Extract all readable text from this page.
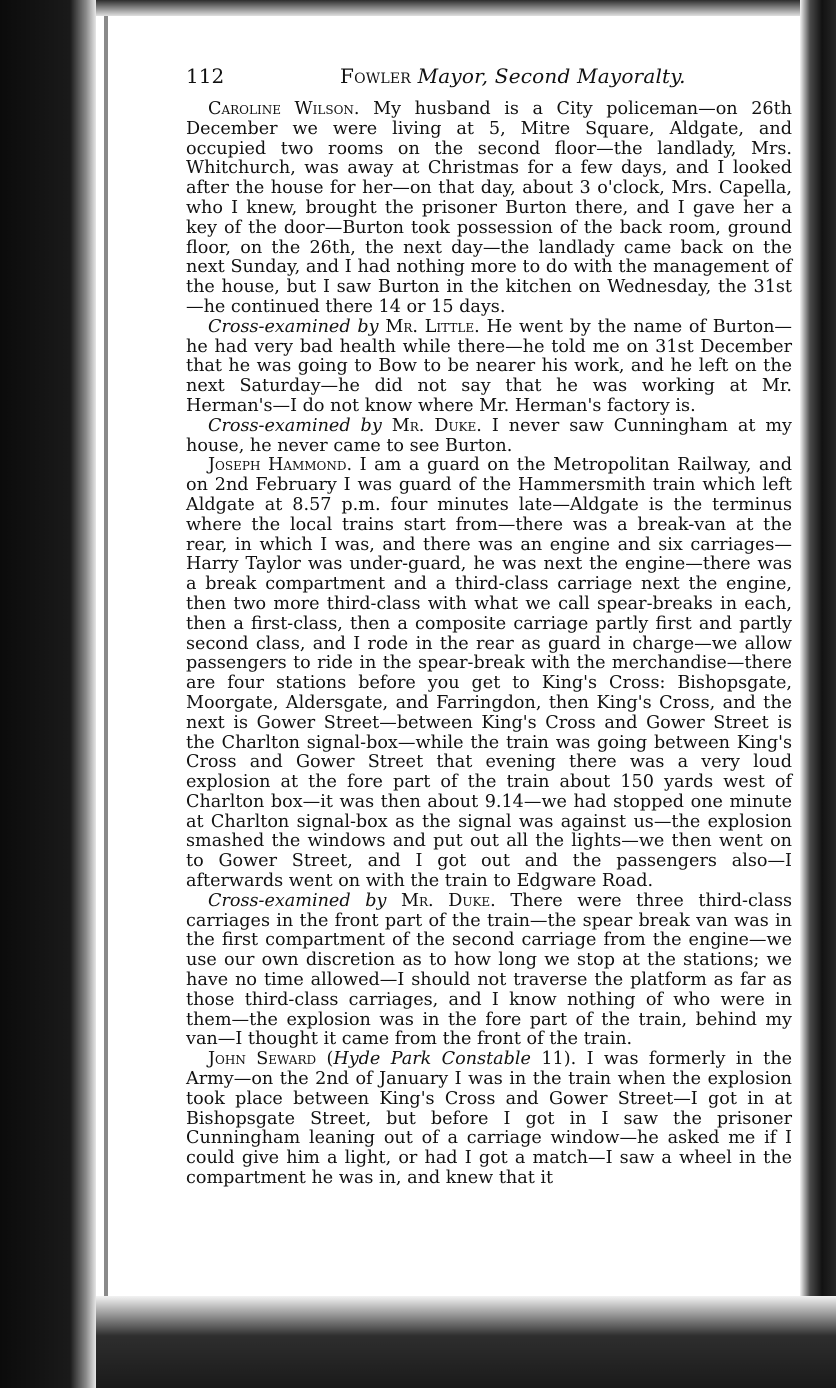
112	Fowler Mayor, Second Mayoralty.

Caroline Wilson. My husband is a City policeman—on 26th December we were living at 5, Mitre Square, Aldgate, and occupied two rooms on the second floor—the landlady, Mrs. Whitchurch, was away at Christmas for a few days, and I looked after the house for her—on that day, about 3 o'clock, Mrs. Capella, who I knew, brought the prisoner Burton there, and I gave her a key of the door—Burton took possession of the back room, ground floor, on the 26th, the next day—the landlady came back on the next Sunday, and I had nothing more to do with the management of the house, but I saw Burton in the kitchen on Wednesday, the 31st—he continued there 14 or 15 days.

Cross-examined by Mr. Little. He went by the name of Burton—he had very bad health while there—he told me on 31st December that he was going to Bow to be nearer his work, and he left on the next Saturday—he did not say that he was working at Mr. Herman's—I do not know where Mr. Herman's factory is.

Cross-examined by Mr. Duke. I never saw Cunningham at my house, he never came to see Burton.

Joseph Hammond. I am a guard on the Metropolitan Railway, and on 2nd February I was guard of the Hammersmith train which left Aldgate at 8.57 p.m. four minutes late—Aldgate is the terminus where the local trains start from—there was a break-van at the rear, in which I was, and there was an engine and six carriages—Harry Taylor was under-guard, he was next the engine—there was a break compartment and a third-class carriage next the engine, then two more third-class with what we call spear-breaks in each, then a first-class, then a composite carriage partly first and partly second class, and I rode in the rear as guard in charge—we allow passengers to ride in the spear-break with the merchandise—there are four stations before you get to King's Cross: Bishopsgate, Moorgate, Aldersgate, and Farringdon, then King's Cross, and the next is Gower Street—between King's Cross and Gower Street is the Charlton signal-box—while the train was going between King's Cross and Gower Street that evening there was a very loud explosion at the fore part of the train about 150 yards west of Charlton box—it was then about 9.14—we had stopped one minute at Charlton signal-box as the signal was against us—the explosion smashed the windows and put out all the lights—we then went on to Gower Street, and I got out and the passengers also—I afterwards went on with the train to Edgware Road.

Cross-examined by Mr. Duke. There were three third-class carriages in the front part of the train—the spear break van was in the first compartment of the second carriage from the engine—we use our own discretion as to how long we stop at the stations; we have no time allowed—I should not traverse the platform as far as those third-class carriages, and I know nothing of who were in them—the explosion was in the fore part of the train, behind my van—I thought it came from the front of the train.

John Seward (Hyde Park Constable 11). I was formerly in the Army—on the 2nd of January I was in the train when the explosion took place between King's Cross and Gower Street—I got in at Bishopsgate Street, but before I got in I saw the prisoner Cunningham leaning out of a carriage window—he asked me if I could give him a light, or had I got a match—I saw a wheel in the compartment he was in, and knew that it
